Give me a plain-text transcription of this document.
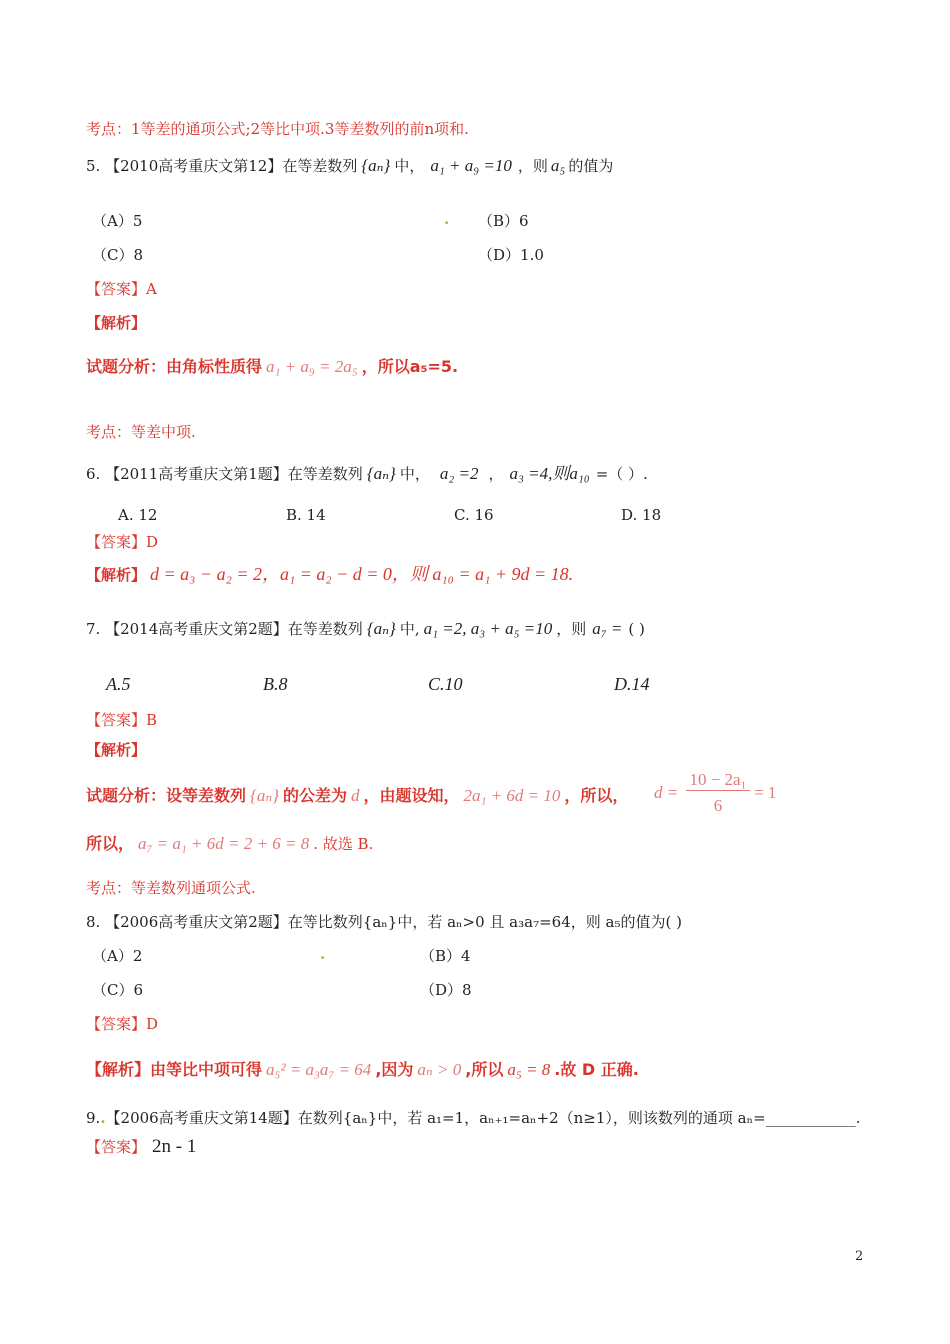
考点：1等差的通项公式;2等比中项.3等差数列的前n项和.
5. 【2010高考重庆文第12】在等差数列 {aₙ} 中， a₁ + a₉ =10 ，则 a₅ 的值为
（A）5	. （B）6
（C）8	（D）1.0
【答案】A
【解析】
试题分析：由角标性质得 a₁ + a₉ = 2a₅ ，所以a₅=5.
考点：等差中项.
6. 【2011高考重庆文第1题】在等差数列 {aₙ} 中， a₂ =2 ， a₃ =4,则a₁₀ =（ ）.
A. 12	B. 14	C. 16	D. 18
【答案】D
【解析】 d = a₃ − a₂ = 2，a₁ = a₂ − d = 0，则 a₁₀ = a₁ + 9d = 18.
7. 【2014高考重庆文第2题】在等差数列 {aₙ} 中, a₁ =2, a₃ + a₅ =10 ，则 a₇ = ( )
A.5	B.8	C.10	D.14
【答案】B
【解析】
试题分析：设等差数列 {aₙ} 的公差为 d ，由题设知， 2a₁ + 6d = 10 ，所以， d =
10 − 2a₁
6
= 1
所以， a₇ = a₁ + 6d = 2 + 6 = 8 . 故选 B.
考点：等差数列通项公式.
8. 【2006高考重庆文第2题】在等比数列{aₙ}中，若 aₙ>0 且 a₃a₇=64，则 a₅的值为( )
（A）2	.	（B）4
（C）6	（D）8
【答案】D
【解析】由等比中项可得 a₅² = a₃a₇ = 64 ,因为 aₙ > 0 ,所以 a₅ = 8 .故 D 正确.
9..【2006高考重庆文第14题】在数列{aₙ}中，若 a₁=1，aₙ₊₁=aₙ+2（n≥1），则该数列的通项 aₙ=____________.
【答案】 2n - 1
2
